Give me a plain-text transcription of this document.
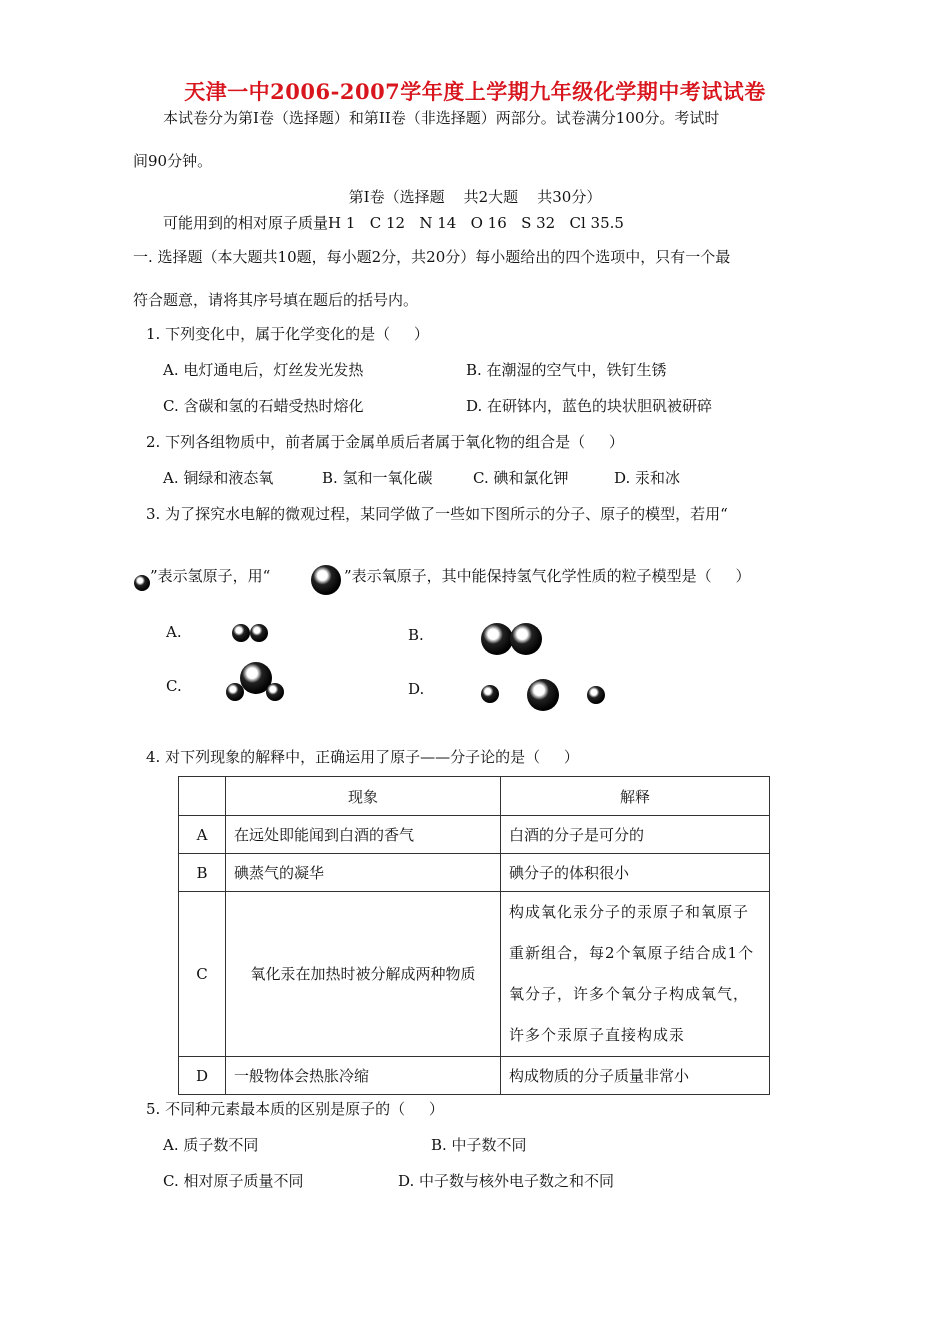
天津一中2006-2007学年度上学期九年级化学期中考试试卷
本试卷分为第I卷（选择题）和第II卷（非选择题）两部分。试卷满分100分。考试时
间90分钟。
第I卷（选择题    共2大题    共30分）
可能用到的相对原子质量H 1   C 12   N 14   O 16   S 32   Cl 35.5
一. 选择题（本大题共10题，每小题2分，共20分）每小题给出的四个选项中，只有一个最
符合题意，请将其序号填在题后的括号内。
1. 下列变化中，属于化学变化的是（     ）
A. 电灯通电后，灯丝发光发热	B. 在潮湿的空气中，铁钉生锈
C. 含碳和氢的石蜡受热时熔化	D. 在研钵内，蓝色的块状胆矾被研碎
2. 下列各组物质中，前者属于金属单质后者属于氧化物的组合是（     ）
A. 铜绿和液态氧	B. 氢和一氧化碳	C. 碘和氯化钾	D. 汞和冰
3. 为了探究水电解的微观过程，某同学做了一些如下图所示的分子、原子的模型，若用“
”表示氢原子，用“	”表示氧原子，其中能保持氢气化学性质的粒子模型是（     ）
A.	B.
C.	D.
4. 对下列现象的解释中，正确运用了原子——分子论的是（     ）
	现象	解释
A	在远处即能闻到白酒的香气	白酒的分子是可分的
B	碘蒸气的凝华	碘分子的体积很小
C	氧化汞在加热时被分解成两种物质	构成氧化汞分子的汞原子和氧原子重新组合，每2个氧原子结合成1个氧分子，许多个氧分子构成氧气，许多个汞原子直接构成汞
D	一般物体会热胀冷缩	构成物质的分子质量非常小
5. 不同种元素最本质的区别是原子的（     ）
A. 质子数不同	B. 中子数不同
C. 相对原子质量不同	D. 中子数与核外电子数之和不同
